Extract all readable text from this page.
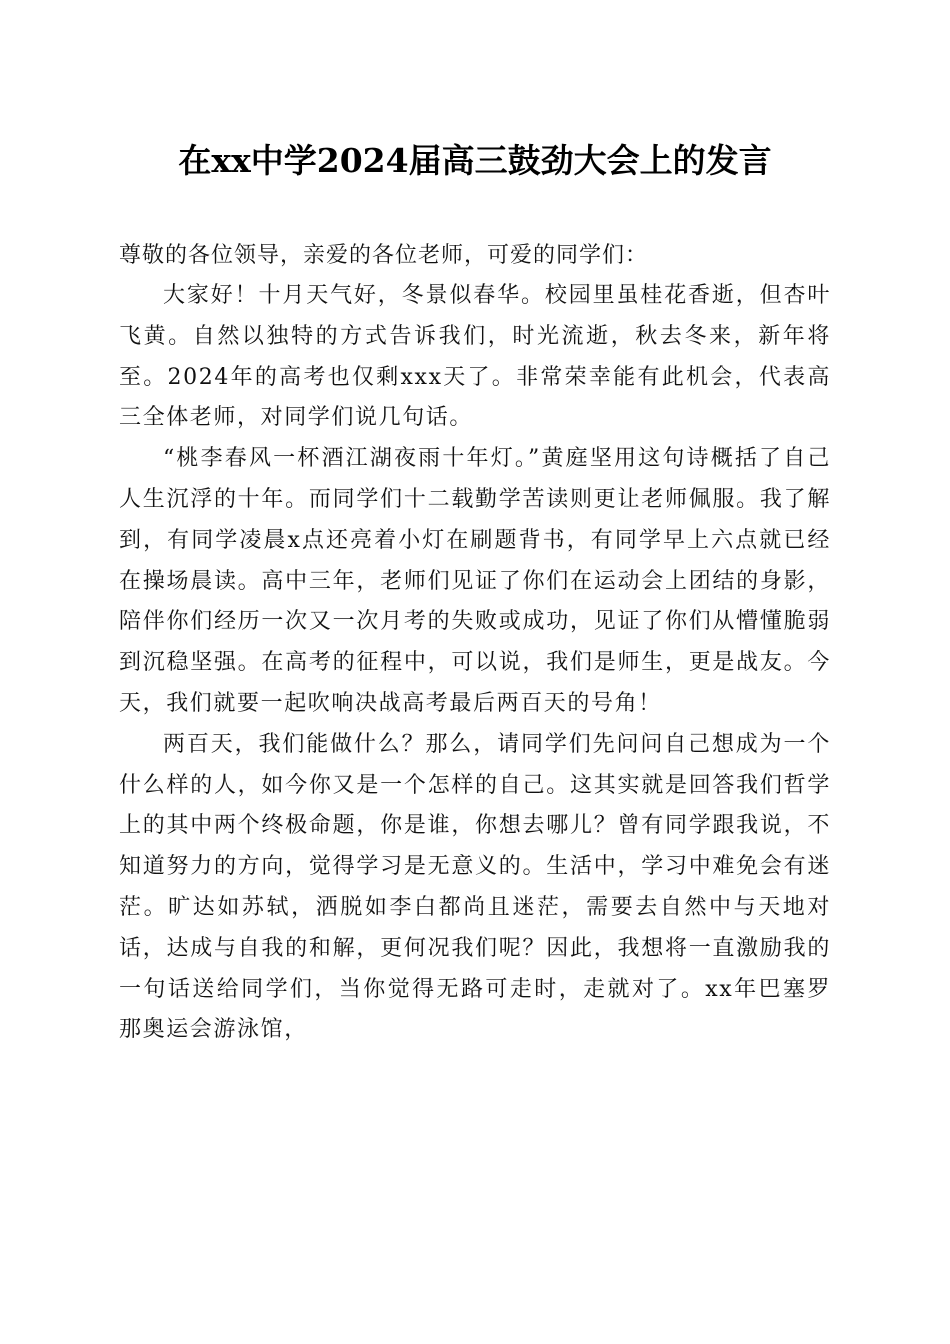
在xx中学2024届高三鼓劲大会上的发言

尊敬的各位领导，亲爱的各位老师，可爱的同学们：

大家好！十月天气好，冬景似春华。校园里虽桂花香逝，但杏叶飞黄。自然以独特的方式告诉我们，时光流逝，秋去冬来，新年将至。2024年的高考也仅剩xxx天了。非常荣幸能有此机会，代表高三全体老师，对同学们说几句话。

“桃李春风一杯酒江湖夜雨十年灯。”黄庭坚用这句诗概括了自己人生沉浮的十年。而同学们十二载勤学苦读则更让老师佩服。我了解到，有同学凌晨x点还亮着小灯在刷题背书，有同学早上六点就已经在操场晨读。高中三年，老师们见证了你们在运动会上团结的身影，陪伴你们经历一次又一次月考的失败或成功，见证了你们从懵懂脆弱到沉稳坚强。在高考的征程中，可以说，我们是师生，更是战友。今天，我们就要一起吹响决战高考最后两百天的号角！

两百天，我们能做什么？那么，请同学们先问问自己想成为一个什么样的人，如今你又是一个怎样的自己。这其实就是回答我们哲学上的其中两个终极命题，你是谁，你想去哪儿？曾有同学跟我说，不知道努力的方向，觉得学习是无意义的。生活中，学习中难免会有迷茫。旷达如苏轼，洒脱如李白都尚且迷茫，需要去自然中与天地对话，达成与自我的和解，更何况我们呢？因此，我想将一直激励我的一句话送给同学们，当你觉得无路可走时，走就对了。xx年巴塞罗那奥运会游泳馆，
